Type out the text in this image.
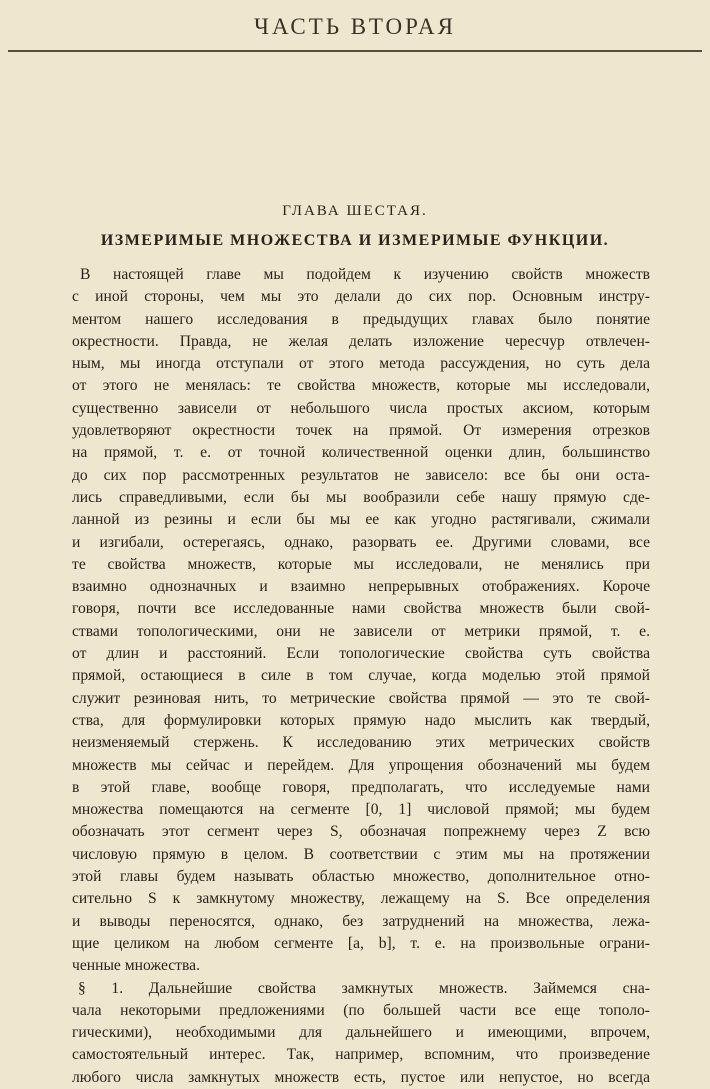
ЧАСТЬ ВТОРАЯ
ГЛАВА ШЕСТАЯ.
ИЗМЕРИМЫЕ МНОЖЕСТВА И ИЗМЕРИМЫЕ ФУНКЦИИ.
В настоящей главе мы подойдем к изучению свойств множеств
с иной стороны, чем мы это делали до сих пор. Основным инстру-
ментом нашего исследования в предыдущих главах было понятие
окрестности. Правда, не желая делать изложение чересчур отвлечен-
ным, мы иногда отступали от этого метода рассуждения, но суть дела
от этого не менялась: те свойства множеств, которые мы исследовали,
существенно зависели от небольшого числа простых аксиом, которым
удовлетворяют окрестности точек на прямой. От измерения отрезков
на прямой, т. е. от точной количественной оценки длин, большинство
до сих пор рассмотренных результатов не зависело: все бы они оста-
лись справедливыми, если бы мы вообразили себе нашу прямую сде-
ланной из резины и если бы мы ее как угодно растягивали, сжимали
и изгибали, остерегаясь, однако, разорвать ее. Другими словами, все
те свойства множеств, которые мы исследовали, не менялись при
взаимно однозначных и взаимно непрерывных отображениях. Короче
говоря, почти все исследованные нами свойства множеств были свой-
ствами топологическими, они не зависели от метрики прямой, т. е.
от длин и расстояний. Если топологические свойства суть свойства
прямой, остающиеся в силе в том случае, когда моделью этой прямой
служит резиновая нить, то метрические свойства прямой — это те свой-
ства, для формулировки которых прямую надо мыслить как твердый,
неизменяемый стержень. К исследованию этих метрических свойств
множеств мы сейчас и перейдем. Для упрощения обозначений мы будем
в этой главе, вообще говоря, предполагать, что исследуемые нами
множества помещаются на сегменте [0, 1] числовой прямой; мы будем
обозначать этот сегмент через S, обозначая попрежнему через Z всю
числовую прямую в целом. В соответствии с этим мы на протяжении
этой главы будем называть областью множество, дополнительное отно-
сительно S к замкнутому множеству, лежащему на S. Все определения
и выводы переносятся, однако, без затруднений на множества, лежа-
щие целиком на любом сегменте [a, b], т. е. на произвольные ограни-
ченные множества.
§ 1. Дальнейшие свойства замкнутых множеств. Займемся сна-
чала некоторыми предложениями (по большей части все еще тополо-
гическими), необходимыми для дальнейшего и имеющими, впрочем,
самостоятельный интерес. Так, например, вспомним, что произведение
любого числа замкнутых множеств есть, пустое или непустое, но всегда
